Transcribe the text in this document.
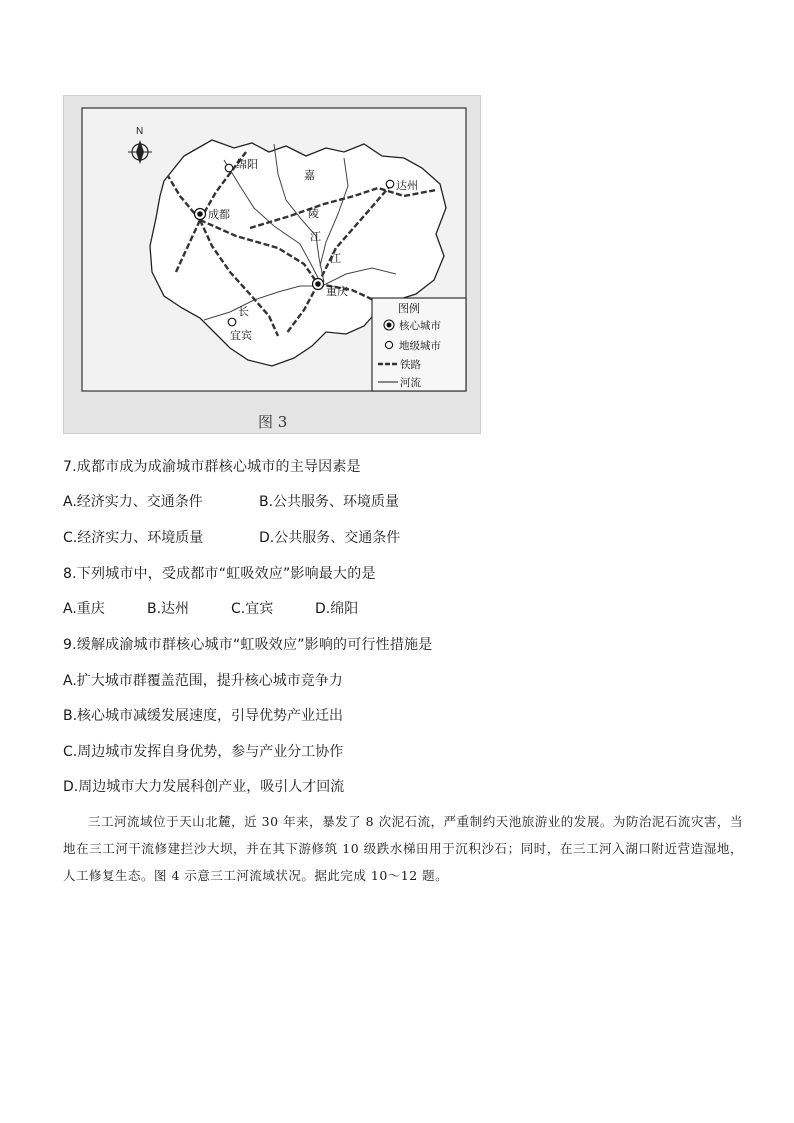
N
成都
重庆
绵阳
达州
宜宾
嘉
陵
江
长
江
图例
核心城市
地级城市
铁路
河流
图 3
7.成都市成为成渝城市群核心城市的主导因素是
A.经济实力、交通条件	B.公共服务、环境质量
C.经济实力、环境质量	D.公共服务、交通条件
8.下列城市中，受成都市“虹吸效应”影响最大的是
A.重庆	B.达州	C.宜宾	D.绵阳
9.缓解成渝城市群核心城市“虹吸效应”影响的可行性措施是
A.扩大城市群覆盖范围，提升核心城市竞争力
B.核心城市减缓发展速度，引导优势产业迁出
C.周边城市发挥自身优势，参与产业分工协作
D.周边城市大力发展科创产业，吸引人才回流
三工河流域位于天山北麓，近 30 年来，暴发了 8 次泥石流，严重制约天池旅游业的发展。为防治泥石流灾害，当地在三工河干流修建拦沙大坝，并在其下游修筑 10 级跌水梯田用于沉积沙石；同时，在三工河入湖口附近营造湿地，人工修复生态。图 4 示意三工河流域状况。据此完成 10～12 题。
